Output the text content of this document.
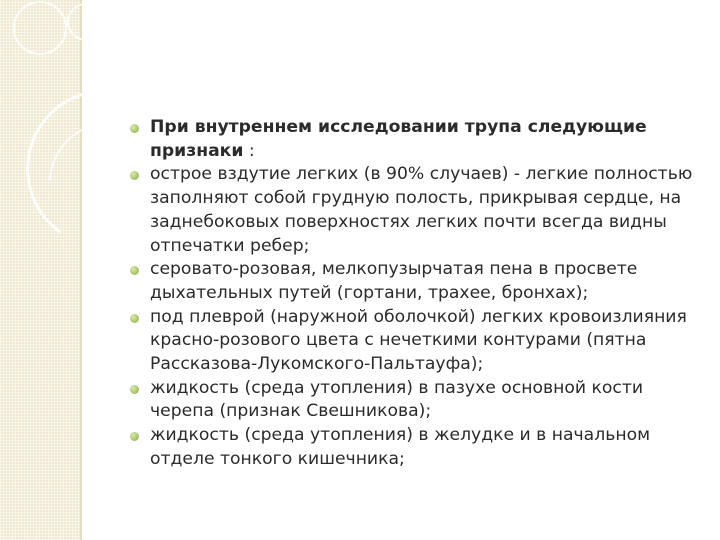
При внутреннем исследовании трупа следующие признаки :
острое вздутие легких (в 90% случаев) - легкие полностью заполняют собой грудную полость, прикрывая сердце, на заднебоковых поверхностях легких почти всегда видны отпечатки ребер;
серовато-розовая, мелкопузырчатая пена в просвете дыхательных путей (гортани, трахее, бронхах);
под плеврой (наружной оболочкой) легких кровоизлияния красно-розового цвета с нечеткими контурами (пятна Рассказова-Лукомского-Пальтауфа);
жидкость (среда утопления) в пазухе основной кости черепа (признак Свешникова);
жидкость (среда утопления) в желудке и в начальном отделе тонкого кишечника;
